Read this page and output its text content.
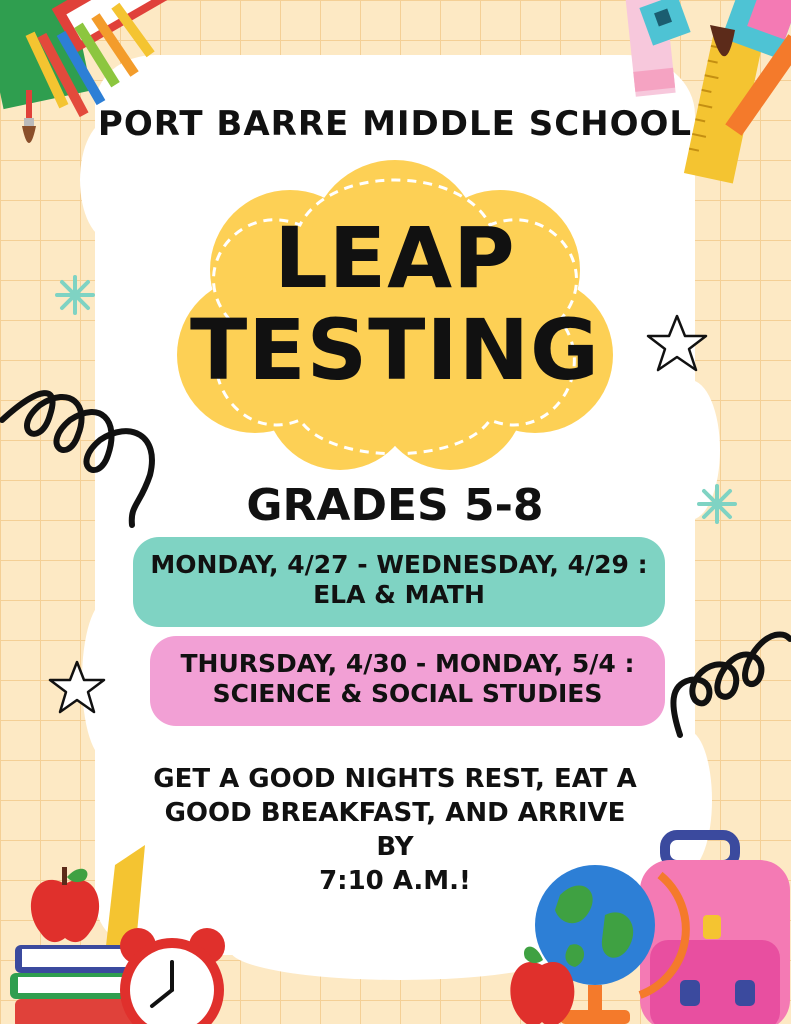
PORT BARRE MIDDLE SCHOOL
LEAP
TESTING
GRADES 5-8
MONDAY, 4/27 - WEDNESDAY, 4/29 :
ELA & MATH
THURSDAY, 4/30 - MONDAY, 5/4 :
SCIENCE & SOCIAL STUDIES
GET A GOOD NIGHTS REST, EAT A
GOOD BREAKFAST, AND ARRIVE BY
7:10 A.M.!
